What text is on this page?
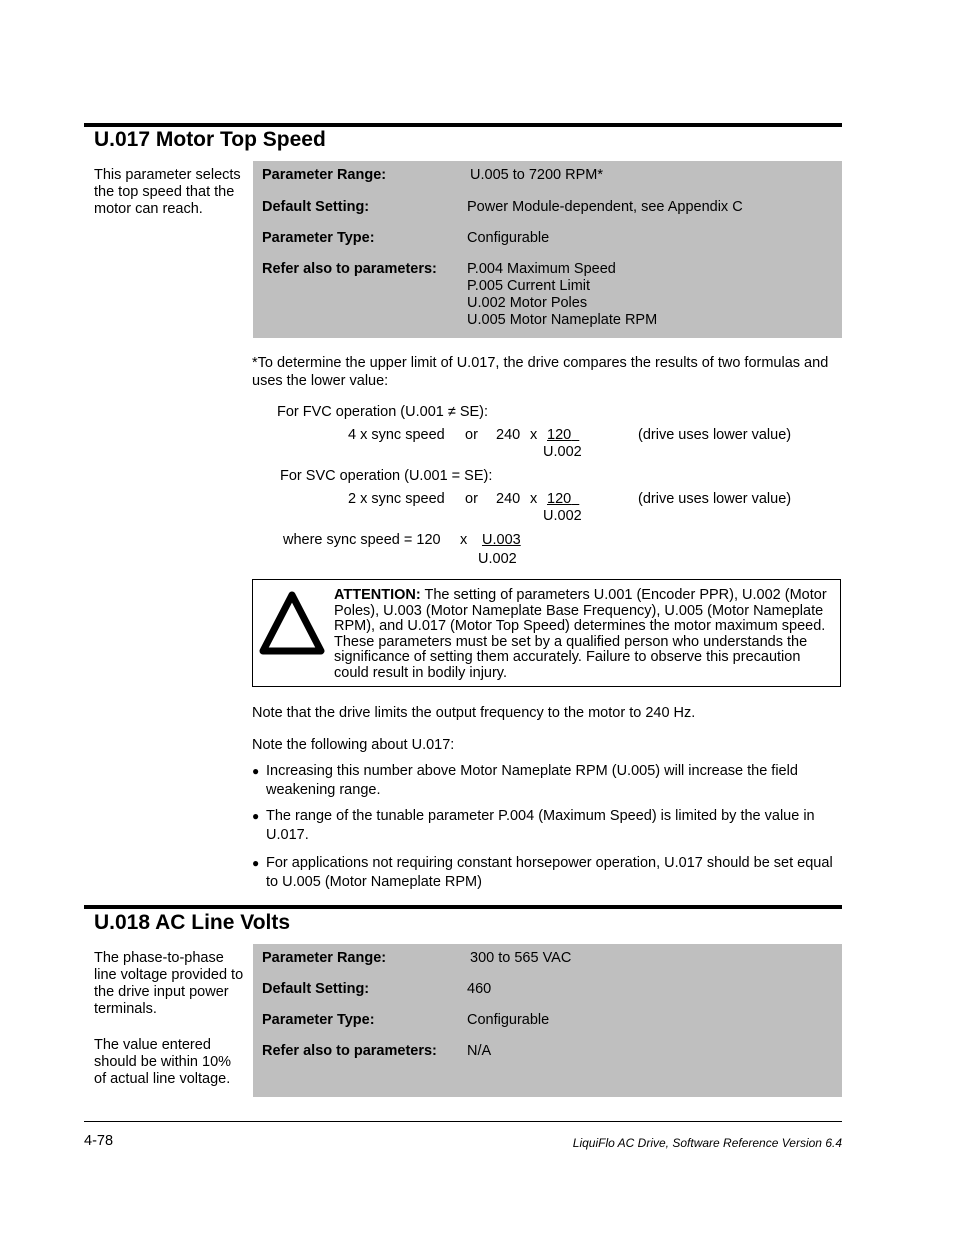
U.017 Motor Top Speed
This parameter selects the top speed that the motor can reach.
Parameter Range:	U.005 to 7200 RPM*
Default Setting:	Power Module-dependent, see Appendix C
Parameter Type:	Configurable
Refer also to parameters: P.004 Maximum Speed
P.005 Current Limit
U.002 Motor Poles
U.005 Motor Nameplate RPM
*To determine the upper limit of U.017, the drive compares the results of two formulas and uses the lower value:
For FVC operation (U.001 ≠ SE):
4 x sync speed or 240 x 120
U.002
(drive uses lower value)
For SVC operation (U.001 = SE):
2 x sync speed or 240 x 120
U.002
(drive uses lower value)
where sync speed = 120 x U.003
U.002
ATTENTION: The setting of parameters U.001 (Encoder PPR), U.002 (Motor Poles), U.003 (Motor Nameplate Base Frequency), U.005 (Motor Nameplate RPM), and U.017 (Motor Top Speed) determines the motor maximum speed. These parameters must be set by a qualified person who understands the significance of setting them accurately. Failure to observe this precaution could result in bodily injury.
Note that the drive limits the output frequency to the motor to 240 Hz.
Note the following about U.017:
● Increasing this number above Motor Nameplate RPM (U.005) will increase the field weakening range.
● The range of the tunable parameter P.004 (Maximum Speed) is limited by the value in U.017.
● For applications not requiring constant horsepower operation, U.017 should be set equal to U.005 (Motor Nameplate RPM)
U.018 AC Line Volts
The phase-to-phase line voltage provided to the drive input power terminals.
The value entered should be within 10% of actual line voltage.
Parameter Range:	300 to 565 VAC
Default Setting:	460
Parameter Type:	Configurable
Refer also to parameters: N/A
4-78	LiquiFlo AC Drive, Software Reference Version 6.4
